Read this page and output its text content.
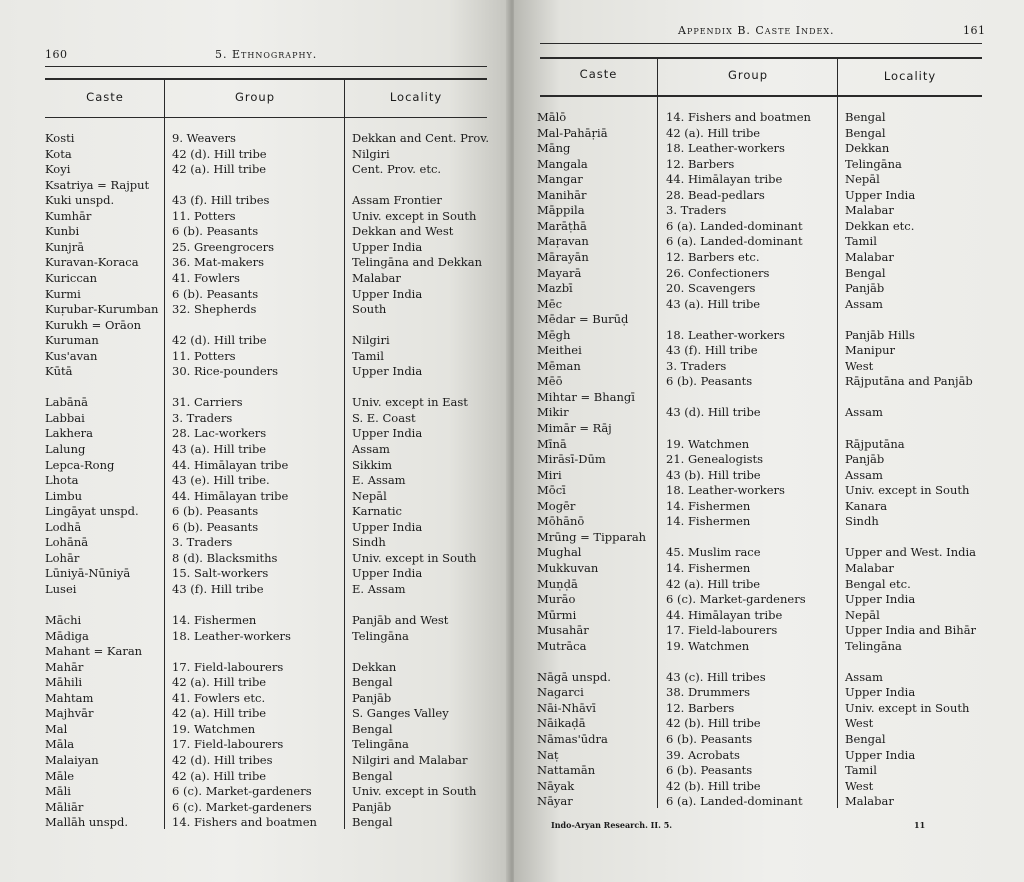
160	5. Ethnography.
Caste	Group	Locality
Kosti	9. Weavers	Dekkan and Cent. Prov.
Kota	42 (d). Hill tribe	Nilgiri
Koyi	42 (a). Hill tribe	Cent. Prov. etc.
Ksatriya = Rajput
Kuki unspd.	43 (f). Hill tribes	Assam Frontier
Kumhār	11. Potters	Univ. except in South
Kunbi	6 (b). Peasants	Dekkan and West
Kunjrā	25. Greengrocers	Upper India
Kuravan-Koraca	36. Mat-makers	Telingāna and Dekkan
Kuriccan	41. Fowlers	Malabar
Kurmi	6 (b). Peasants	Upper India
Kuṛubar-Kurumban 32. Shepherds	South
Kurukh = Orāon
Kuruman	42 (d). Hill tribe	Nilgiri
Kus'avan	11. Potters	Tamil
Kūtā	30. Rice-pounders	Upper India
Labānā	31. Carriers	Univ. except in East
Labbai	3. Traders	S. E. Coast
Lakhera	28. Lac-workers	Upper India
Lalung	43 (a). Hill tribe	Assam
Lepca-Rong	44. Himālayan tribe	Sikkim
Lhota	43 (e). Hill tribe.	E. Assam
Limbu	44. Himālayan tribe	Nepāl
Lingāyat unspd.	6 (b). Peasants	Karnatic
Lodhā	6 (b). Peasants	Upper India
Lohānā	3. Traders	Sindh
Lohār	8 (d). Blacksmiths	Univ. except in South
Lūniyā-Nūniyā	15. Salt-workers	Upper India
Lusei	43 (f). Hill tribe	E. Assam
Māchi	14. Fishermen	Panjāb and West
Mādiga	18. Leather-workers	Telingāna
Mahant = Karan
Mahār	17. Field-labourers	Dekkan
Māhili	42 (a). Hill tribe	Bengal
Mahtam	41. Fowlers etc.	Panjāb
Majhvār	42 (a). Hill tribe	S. Ganges Valley
Mal	19. Watchmen	Bengal
Māla	17. Field-labourers	Telingāna
Malaiyan	42 (d). Hill tribes	Nilgiri and Malabar
Māle	42 (a). Hill tribe	Bengal
Māli	6 (c). Market-gardeners	Univ. except in South
Māliār	6 (c). Market-gardeners	Panjāb
Mallāh unspd.	14. Fishers and boatmen	Bengal
Appendix B. Caste Index.	161
Caste	Group	Locality
Mālō	14. Fishers and boatmen	Bengal
Mal-Pahāṛiā	42 (a). Hill tribe	Bengal
Māng	18. Leather-workers	Dekkan
Mangala	12. Barbers	Telingāna
Mangar	44. Himālayan tribe	Nepāl
Manihār	28. Bead-pedlars	Upper India
Māppila	3. Traders	Malabar
Marāṭhā	6 (a). Landed-dominant	Dekkan etc.
Maṛavan	6 (a). Landed-dominant	Tamil
Mārayān	12. Barbers etc.	Malabar
Mayarā	26. Confectioners	Bengal
Mazbī	20. Scavengers	Panjāb
Mēc	43 (a). Hill tribe	Assam
Mēdar = Burūḍ
Mēgh	18. Leather-workers	Panjāb Hills
Meithei	43 (f). Hill tribe	Manipur
Mēman	3. Traders	West
Mēō	6 (b). Peasants	Rājputāna and Panjāb
Mihtar = Bhangī
Mikir	43 (d). Hill tribe	Assam
Mimār = Rāj
Mīnā	19. Watchmen	Rājputāna
Mirāsī-Dūm	21. Genealogists	Panjāb
Miri	43 (b). Hill tribe	Assam
Mōcī	18. Leather-workers	Univ. except in South
Mogēr	14. Fishermen	Kanara
Mōhānō	14. Fishermen	Sindh
Mrūng = Tipparah
Mughal	45. Muslim race	Upper and West. India
Mukkuvan	14. Fishermen	Malabar
Muṇḍā	42 (a). Hill tribe	Bengal etc.
Murāo	6 (c). Market-gardeners	Upper India
Mūrmi	44. Himālayan tribe	Nepāl
Musahār	17. Field-labourers	Upper India and Bihār
Mutrāca	19. Watchmen	Telingāna
Nāgā unspd.	43 (c). Hill tribes	Assam
Nagarci	38. Drummers	Upper India
Nāi-Nhāvī	12. Barbers	Univ. except in South
Nāikaḍā	42 (b). Hill tribe	West
Nāmas'ūdra	6 (b). Peasants	Bengal
Naṭ	39. Acrobats	Upper India
Nattamān	6 (b). Peasants	Tamil
Nāyak	42 (b). Hill tribe	West
Nāyar	6 (a). Landed-dominant	Malabar
Indo-Aryan Research. II. 5.	11
